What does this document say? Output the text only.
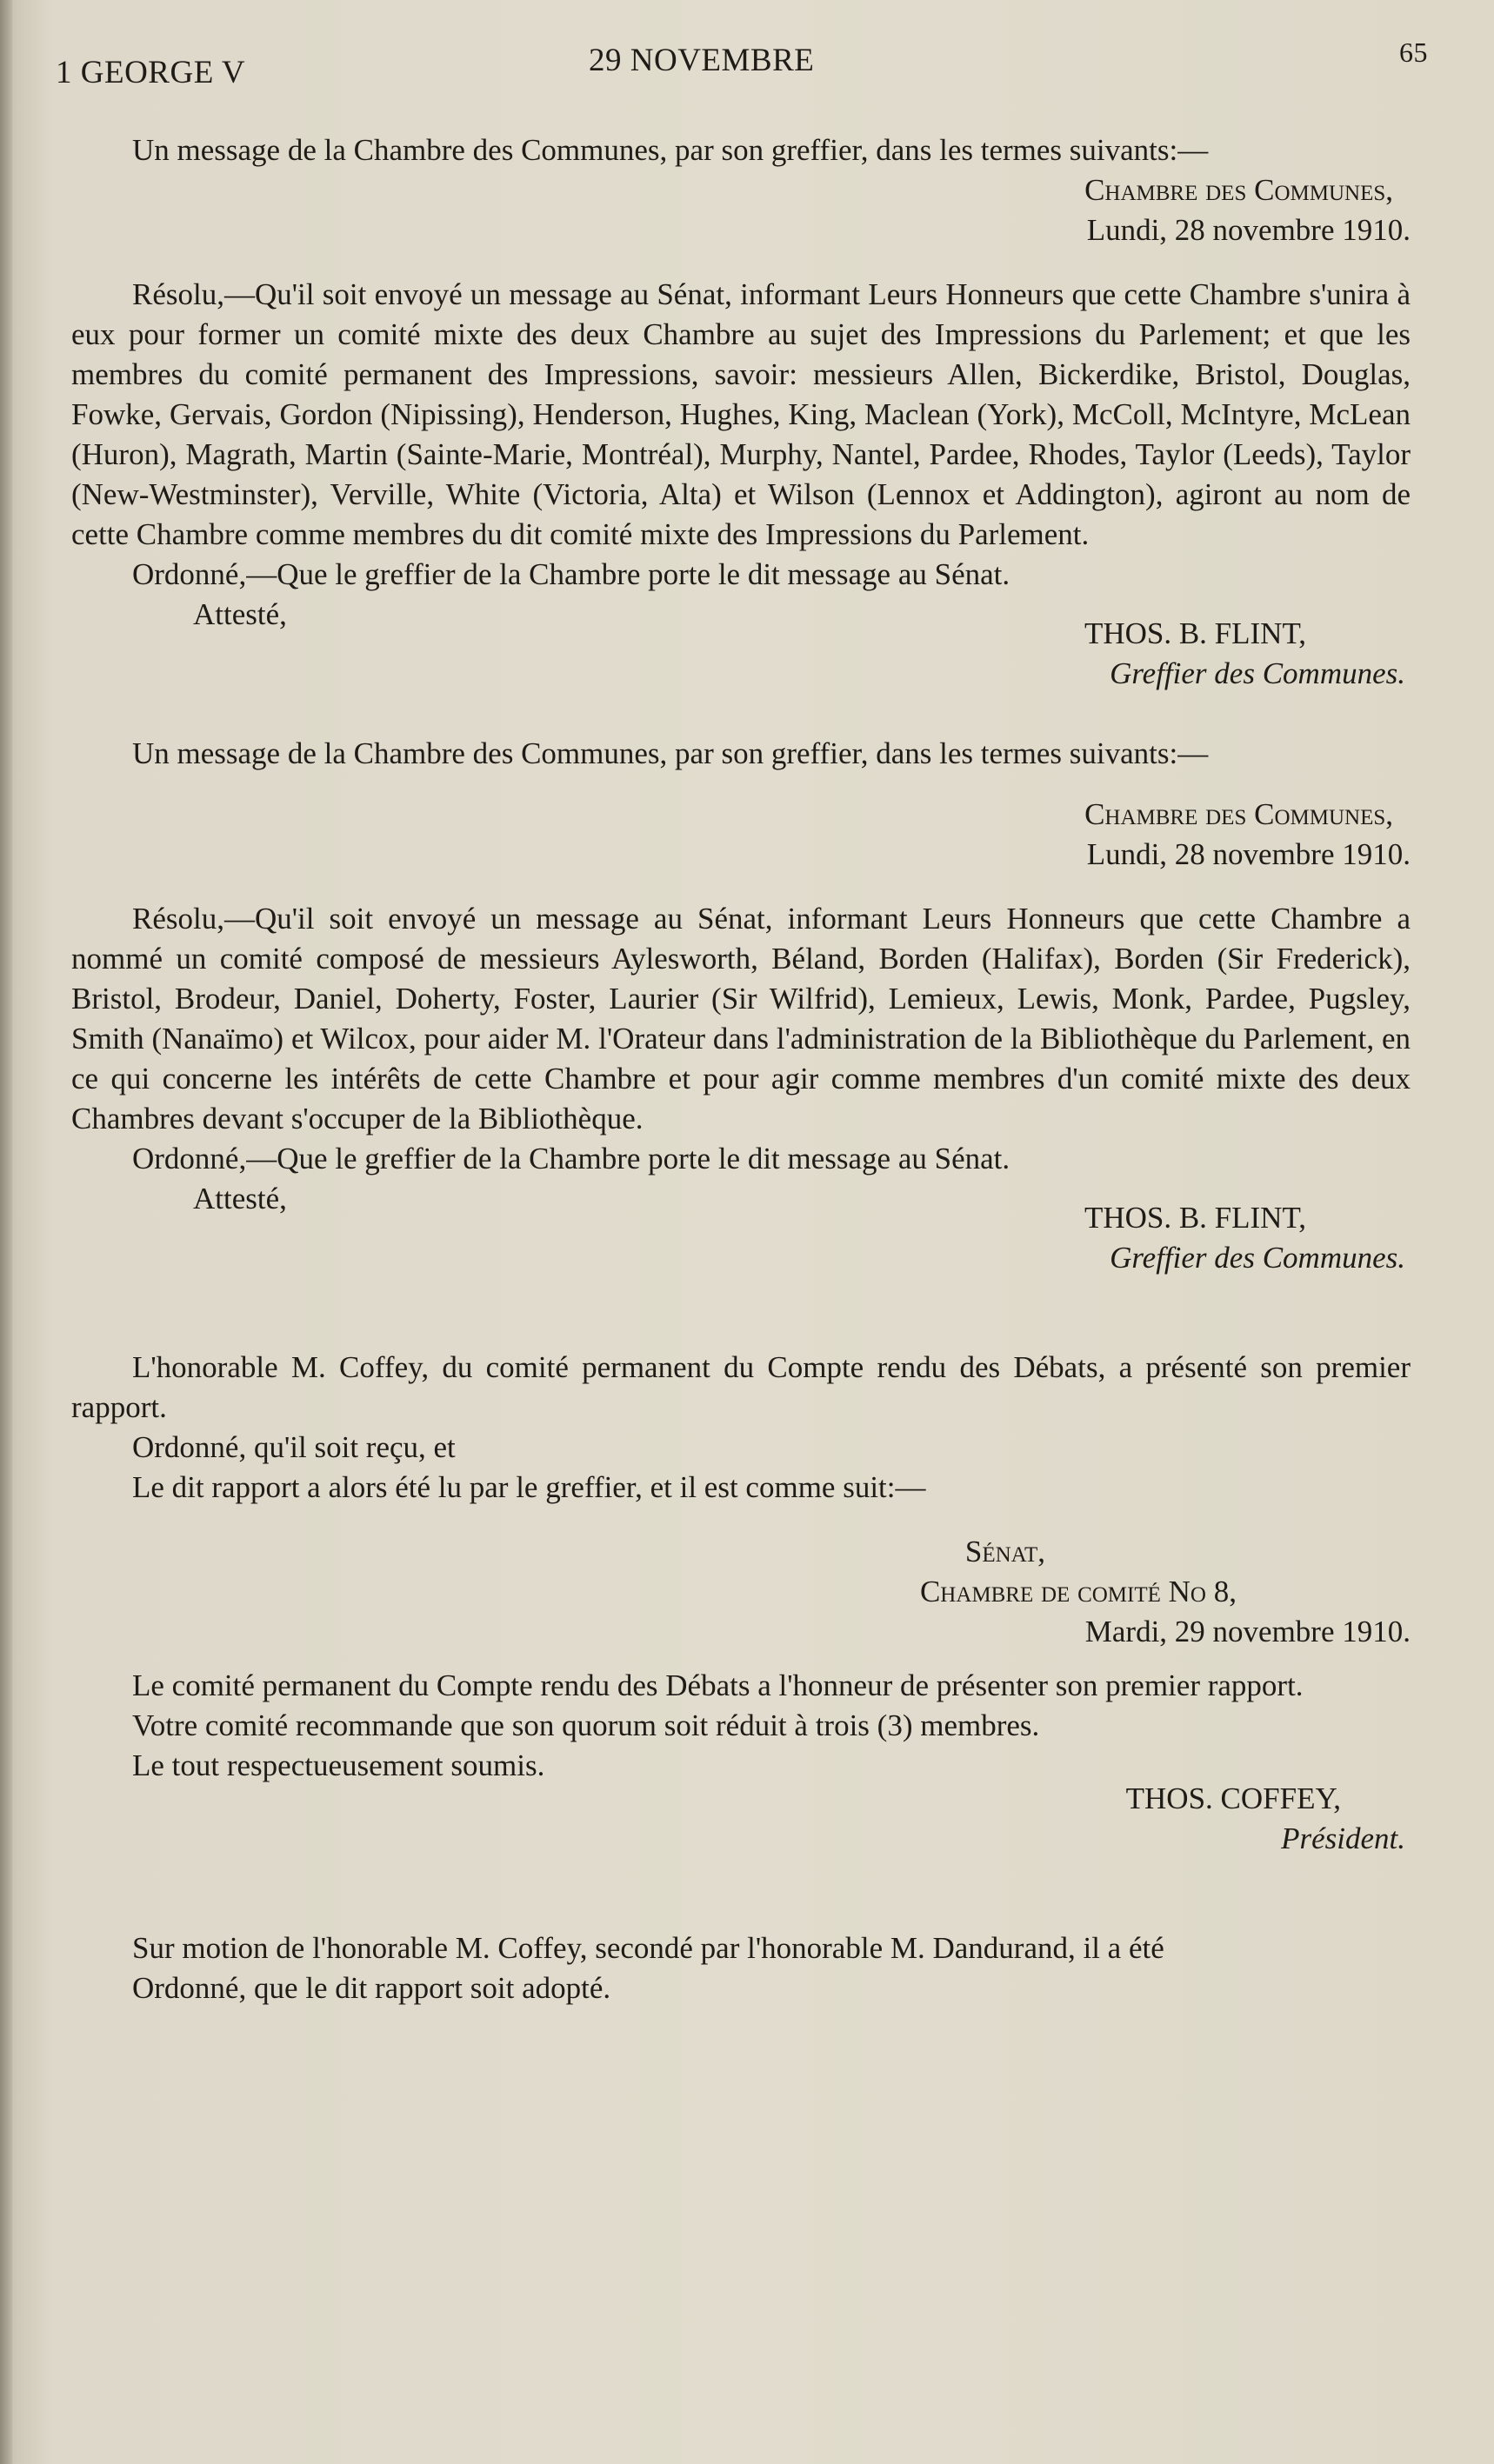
1 GEORGE V	29 NOVEMBRE	65

Un message de la Chambre des Communes, par son greffier, dans les termes suivants:—

Chambre des Communes,

Lundi, 28 novembre 1910.

Résolu,—Qu'il soit envoyé un message au Sénat, informant Leurs Honneurs que cette Chambre s'unira à eux pour former un comité mixte des deux Chambre au sujet des Impressions du Parlement; et que les membres du comité permanent des Impressions, savoir: messieurs Allen, Bickerdike, Bristol, Douglas, Fowke, Gervais, Gordon (Nipissing), Henderson, Hughes, King, Maclean (York), McColl, McIntyre, McLean (Huron), Magrath, Martin (Sainte-Marie, Montréal), Murphy, Nantel, Pardee, Rhodes, Taylor (Leeds), Taylor (New-Westminster), Verville, White (Victoria, Alta) et Wilson (Lennox et Addington), agiront au nom de cette Chambre comme membres du dit comité mixte des Impressions du Parlement.

Ordonné,—Que le greffier de la Chambre porte le dit message au Sénat.

Attesté,

THOS. B. FLINT,

Greffier des Communes.

Un message de la Chambre des Communes, par son greffier, dans les termes suivants:—

Chambre des Communes,

Lundi, 28 novembre 1910.

Résolu,—Qu'il soit envoyé un message au Sénat, informant Leurs Honneurs que cette Chambre a nommé un comité composé de messieurs Aylesworth, Béland, Borden (Halifax), Borden (Sir Frederick), Bristol, Brodeur, Daniel, Doherty, Foster, Laurier (Sir Wilfrid), Lemieux, Lewis, Monk, Pardee, Pugsley, Smith (Nanaïmo) et Wilcox, pour aider M. l'Orateur dans l'administration de la Bibliothèque du Parlement, en ce qui concerne les intérêts de cette Chambre et pour agir comme membres d'un comité mixte des deux Chambres devant s'occuper de la Bibliothèque.

Ordonné,—Que le greffier de la Chambre porte le dit message au Sénat.

Attesté,

THOS. B. FLINT,

Greffier des Communes.

L'honorable M. Coffey, du comité permanent du Compte rendu des Débats, a présenté son premier rapport.

Ordonné, qu'il soit reçu, et

Le dit rapport a alors été lu par le greffier, et il est comme suit:—

Sénat,

Chambre de comité No 8,

Mardi, 29 novembre 1910.

Le comité permanent du Compte rendu des Débats a l'honneur de présenter son premier rapport.

Votre comité recommande que son quorum soit réduit à trois (3) membres.

Le tout respectueusement soumis.

THOS. COFFEY,

Président.

Sur motion de l'honorable M. Coffey, secondé par l'honorable M. Dandurand, il a été

Ordonné, que le dit rapport soit adopté.
